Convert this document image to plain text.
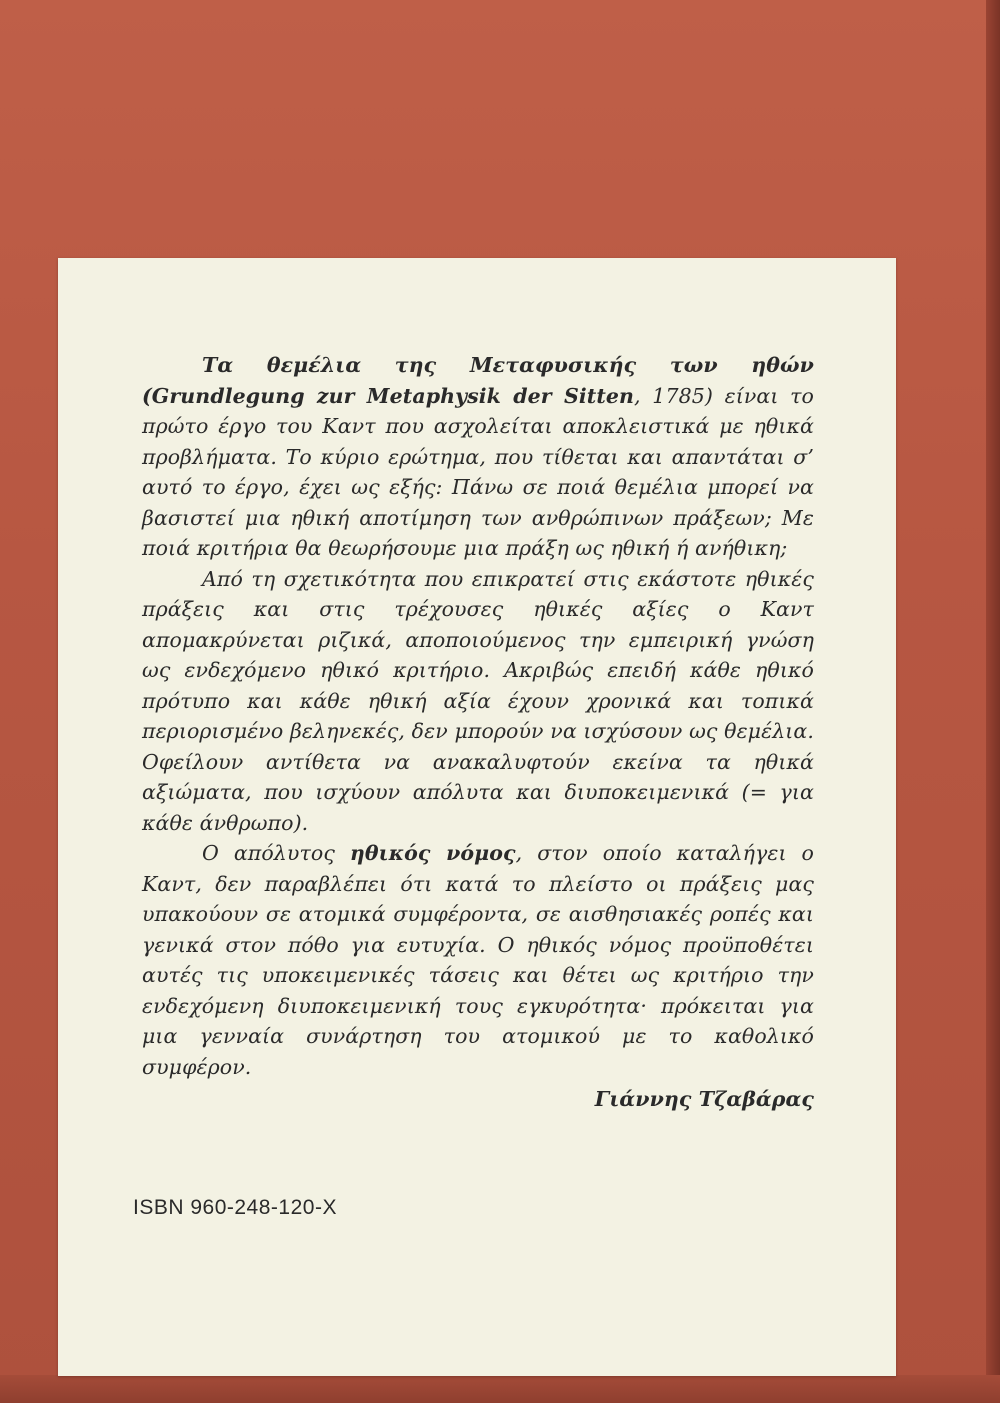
Τα θεμέλια της Μεταφυσικής των ηθών (Grundlegung zur Metaphysik der Sitten, 1785) είναι το πρώτο έργο του Καντ που ασχολείται αποκλειστικά με ηθικά προβλήματα. Το κύριο ερώτημα, που τίθεται και απαντάται σ’ αυτό το έργο, έχει ως εξής: Πάνω σε ποιά θεμέλια μπορεί να βασιστεί μια ηθική αποτίμηση των ανθρώπινων πράξεων; Με ποιά κριτήρια θα θεωρήσουμε μια πράξη ως ηθική ή ανήθικη;

Από τη σχετικότητα που επικρατεί στις εκάστοτε ηθικές πράξεις και στις τρέχουσες ηθικές αξίες ο Καντ απομακρύνεται ριζικά, αποποιούμενος την εμπειρική γνώση ως ενδεχόμενο ηθικό κριτήριο. Ακριβώς επειδή κάθε ηθικό πρότυπο και κάθε ηθική αξία έχουν χρονικά και τοπικά περιορισμένο βεληνεκές, δεν μπορούν να ισχύσουν ως θεμέλια. Οφείλουν αντίθετα να ανακαλυφτούν εκείνα τα ηθικά αξιώματα, που ισχύουν απόλυτα και διυποκειμενικά (= για κάθε άνθρωπο).

Ο απόλυτος ηθικός νόμος, στον οποίο καταλήγει ο Καντ, δεν παραβλέπει ότι κατά το πλείστο οι πράξεις μας υπακούουν σε ατομικά συμφέροντα, σε αισθησιακές ροπές και γενικά στον πόθο για ευτυχία. Ο ηθικός νόμος προϋποθέτει αυτές τις υποκειμενικές τάσεις και θέτει ως κριτήριο την ενδεχόμενη διυποκειμενική τους εγκυρότητα· πρόκειται για μια γενναία συνάρτηση του ατομικού με το καθολικό συμφέρον.

Γιάννης Τζαβάρας
ISBN 960-248-120-X
